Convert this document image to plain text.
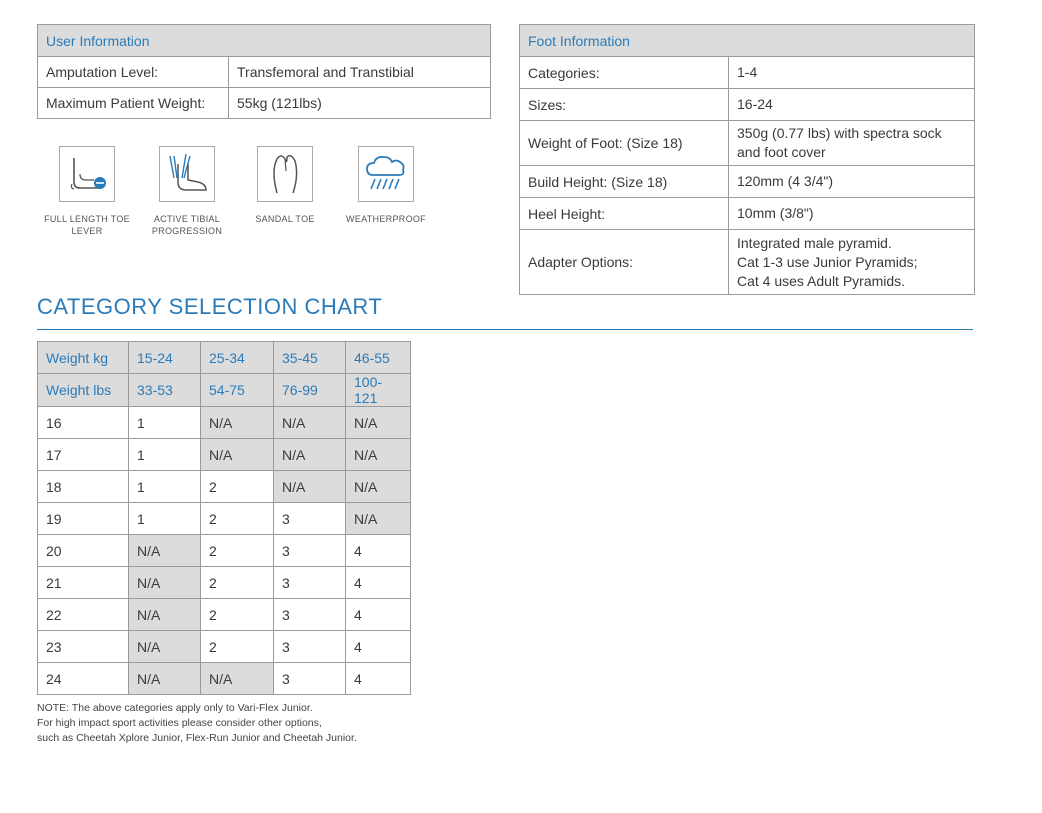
User Information	
Amputation Level:	Transfemoral and Transtibial
Maximum Patient Weight:	55kg (121lbs)
Foot Information	
Categories:	1-4
Sizes:	16-24
Weight of Foot: (Size 18)	350g (0.77 lbs) with spectra sock
and foot cover

Build Height: (Size 18)	120mm (4 3/4")
Heel Height:	10mm (3/8")
Adapter Options:	Integrated male pyramid.
Cat 1-3 use Junior Pyramids;
Cat 4 uses Adult Pyramids.
FULL LENGTH TOE
LEVER
ACTIVE TIBIAL
PROGRESSION
SANDAL TOE	WEATHERPROOF
CATEGORY SELECTION CHART
Weight kg	15-24	25-34	35-45	46-55
Weight lbs	33-53	54-75	76-99	100-121
16	1	N/A	N/A	N/A
17	1	N/A	N/A	N/A
18	1	2	N/A	N/A
19	1	2	3	N/A
20	N/A	2	3	4
21	N/A	2	3	4
22	N/A	2	3	4
23	N/A	2	3	4
24	N/A	N/A	3	4
NOTE: The above categories apply only to Vari-Flex Junior.
For high impact sport activities please consider other options,
such as Cheetah Xplore Junior, Flex-Run Junior and Cheetah Junior.
